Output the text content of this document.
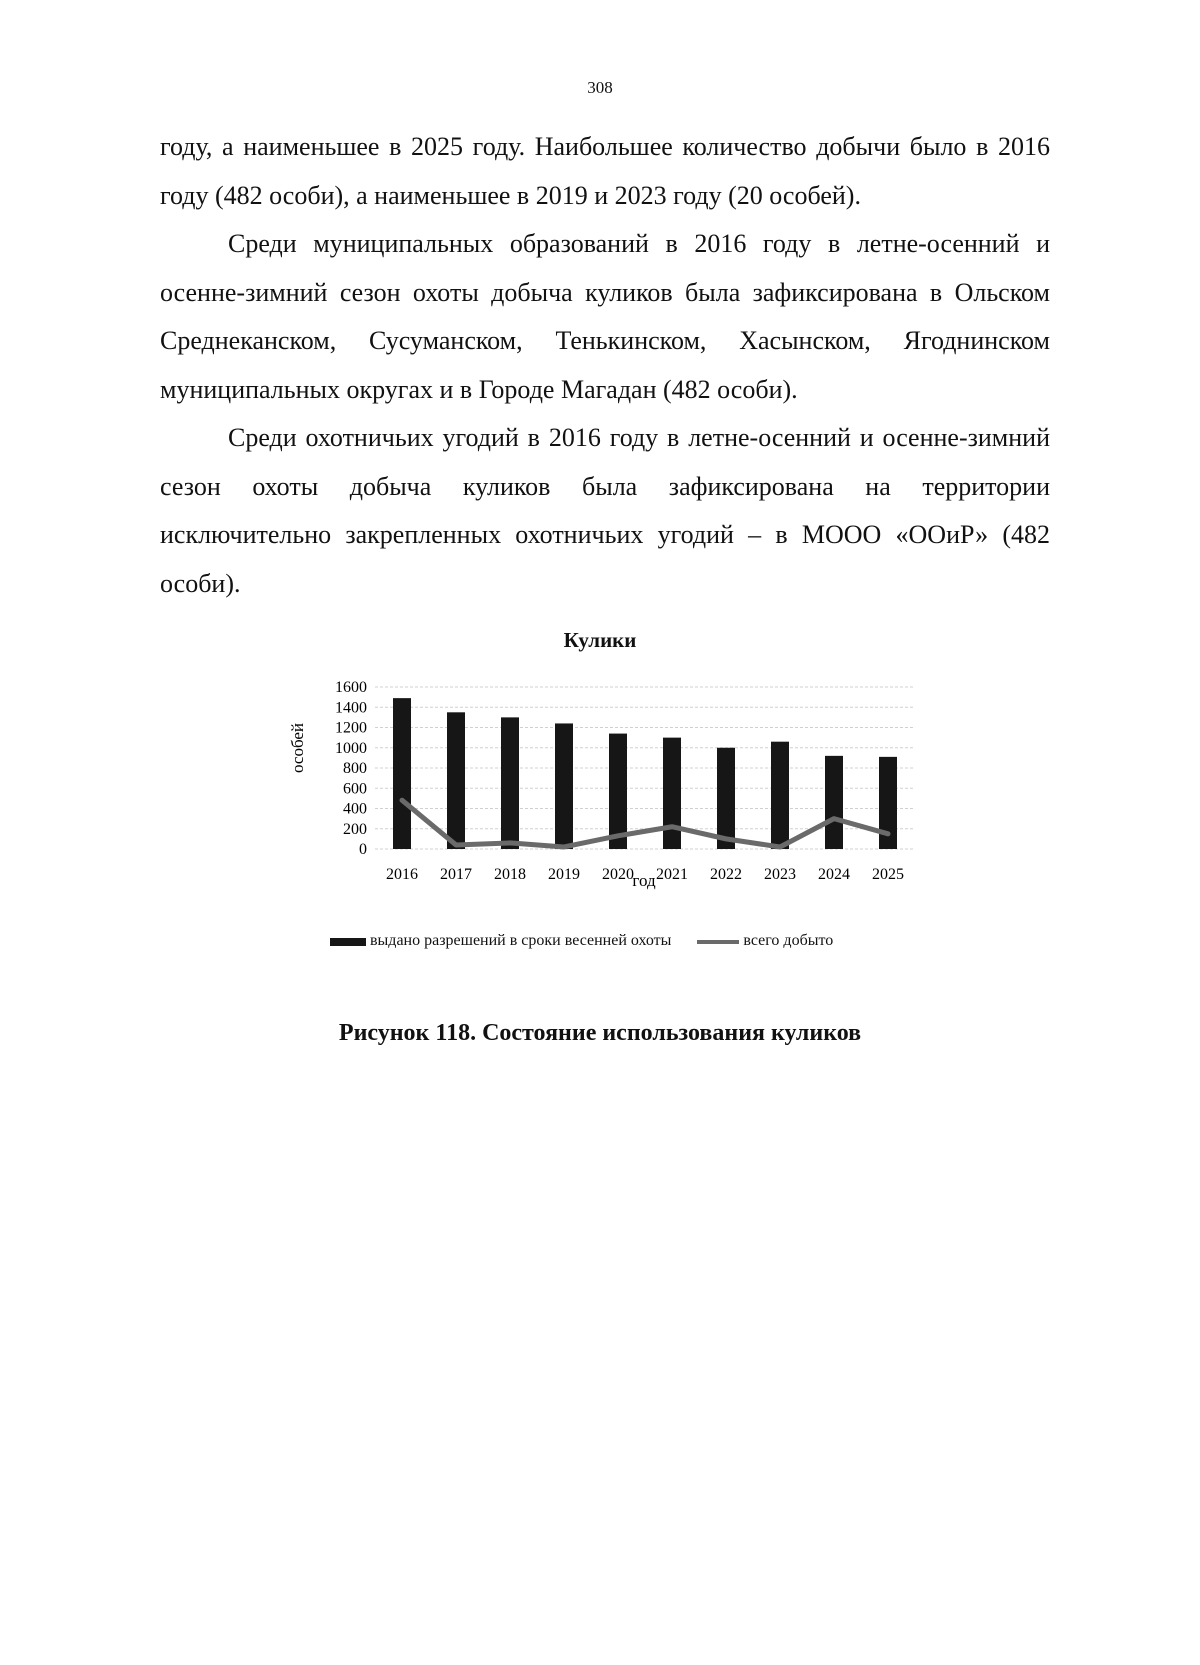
308

году, а наименьшее в 2025 году. Наибольшее количество добычи было в 2016 году (482 особи), а наименьшее в 2019 и 2023 году (20 особей).

Среди муниципальных образований в 2016 году в летне-осенний и осенне-зимний сезон охоты добыча куликов была зафиксирована в Ольском Среднеканском, Сусуманском, Тенькинском, Хасынском, Ягоднинском муниципальных округах и в Городе Магадан (482 особи).

Среди охотничьих угодий в 2016 году в летне-осенний и осенне-зимний сезон охоты добыча куликов была зафиксирована на территории исключительно закрепленных охотничьих угодий – в МООО «ООиР» (482 особи).

Кулики
0
200
400
600
800
1000
1200
1400
1600
2016 2017 2018 2019 2020 2021 2022 2023 2024 2025
особей
год
выдано разрешений в сроки весенней охоты	всего добыто
Рисунок 118. Состояние использования куликов
